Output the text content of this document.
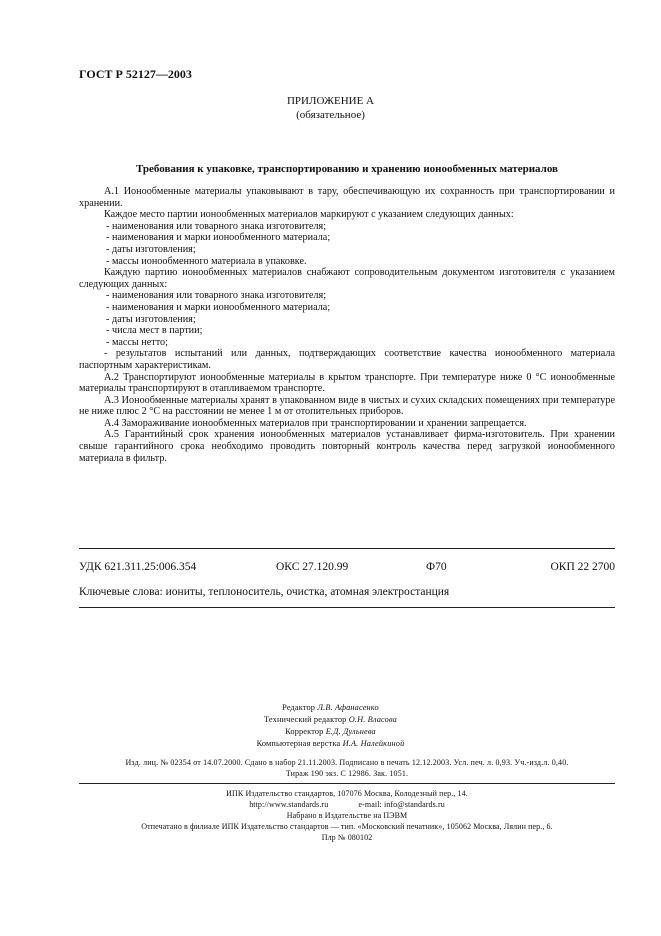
ГОСТ Р 52127—2003
ПРИЛОЖЕНИЕ А
(обязательное)
Требования к упаковке, транспортированию и хранению ионообменных материалов

А.1 Ионообменные материалы упаковывают в тару, обеспечивающую их сохранность при транспортировании и хранении.

Каждое место партии ионообменных материалов маркируют с указанием следующих данных:

- наименования или товарного знака изготовителя;

- наименования и марки ионообменного материала;

- даты изготовления;

- массы ионообменного материала в упаковке.

Каждую партию ионообменных материалов снабжают сопроводительным документом изготовителя с указанием следующих данных:

- наименования или товарного знака изготовителя;

- наименования и марки ионообменного материала;

- даты изготовления;

- числа мест в партии;

- массы нетто;

- результатов испытаний или данных, подтверждающих соответствие качества ионообменного материала паспортным характеристикам.

А.2 Транспортируют ионообменные материалы в крытом транспорте. При температуре ниже 0 °С ионообменные материалы транспортируют в отапливаемом транспорте.

А.3 Ионообменные материалы хранят в упакованном виде в чистых и сухих складских помещениях при температуре не ниже плюс 2 °С на расстоянии не менее 1 м от отопительных приборов.

А.4 Замораживание ионообменных материалов при транспортировании и хранении запрещается.

А.5 Гарантийный срок хранения ионообменных материалов устанавливает фирма-изготовитель. При хранении свыше гарантийного срока необходимо проводить повторный контроль качества перед загрузкой ионообменного материала в фильтр.

УДК 621.311.25:006.354	ОКС 27.120.99	Ф70	ОКП 22 2700
Ключевые слова: иониты, теплоноситель, очистка, атомная электростанция
Редактор Л.В. Афанасенко
Технический редактор О.Н. Власова
Корректор Е.Д. Дульнева
Компьютерная верстка И.А. Налейкиной
Изд. лиц. № 02354 от 14.07.2000. Сдано в набор 21.11.2003. Подписано в печать 12.12.2003. Усл. печ. л. 0,93. Уч.-изд.л. 0,40.
Тираж 190 экз. С 12986. Зак. 1051.
ИПК Издательство стандартов, 107076 Москва, Колодезный пер., 14.
http://www.standards.ru	e-mail: info@standards.ru
Набрано в Издательстве на ПЭВМ
Отпечатано в филиале ИПК Издательство стандартов — тип. «Московский печатник», 105062 Москва, Лялин пер., 6.
Плр № 080102
